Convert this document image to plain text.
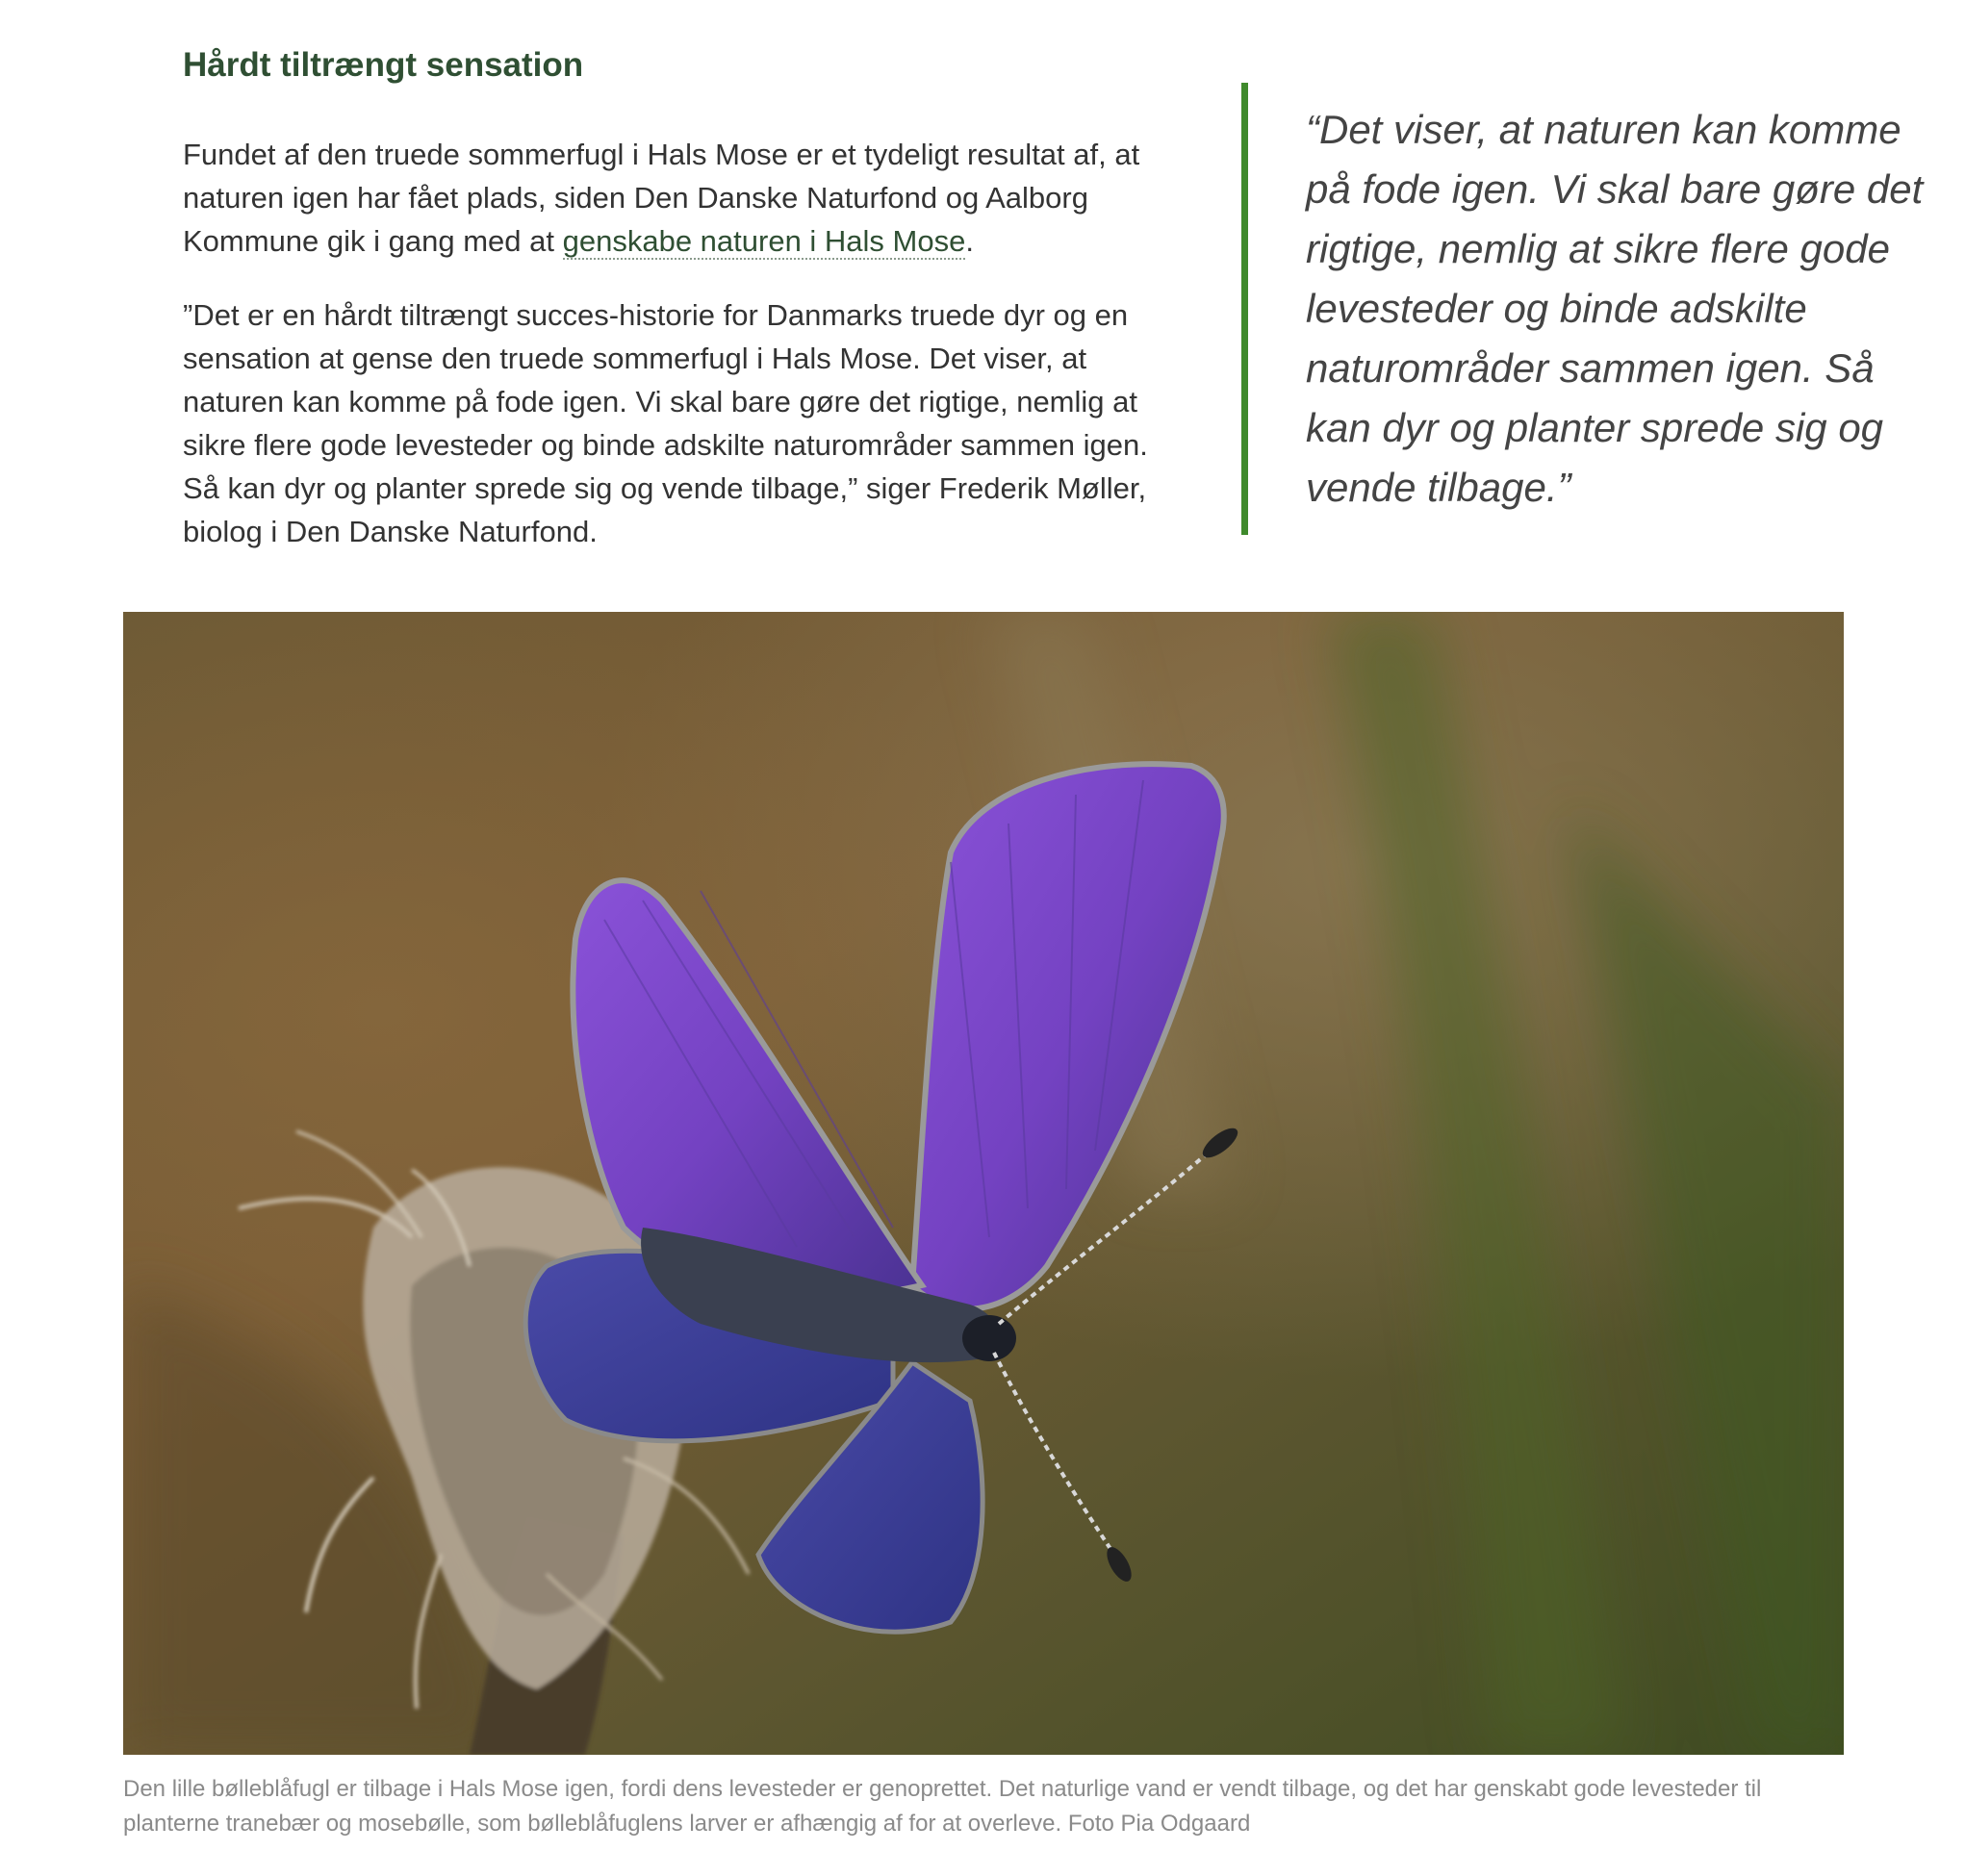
Hårdt tiltrængt sensation

Fundet af den truede sommerfugl i Hals Mose er et tydeligt resultat af, at naturen igen har fået plads, siden Den Danske Naturfond og Aalborg Kommune gik i gang med at genskabe naturen i Hals Mose.

”Det er en hårdt tiltrængt succes-historie for Danmarks truede dyr og en sensation at gense den truede sommerfugl i Hals Mose. Det viser, at naturen kan komme på fode igen. Vi skal bare gøre det rigtige, nemlig at sikre flere gode levesteder og binde adskilte naturområder sammen igen. Så kan dyr og planter sprede sig og vende tilbage,” siger Frederik Møller, biolog i Den Danske Naturfond.

“Det viser, at naturen kan komme på fode igen. Vi skal bare gøre det rigtige, nemlig at sikre flere gode levesteder og binde adskilte naturområder sammen igen. Så kan dyr og planter sprede sig og vende tilbage.”

Den lille bølleblåfugl er tilbage i Hals Mose igen, fordi dens levesteder er genoprettet. Det naturlige vand er vendt tilbage, og det har genskabt gode levesteder til planterne tranebær og mosebølle, som bølleblåfuglens larver er afhængig af for at overleve. Foto Pia Odgaard
